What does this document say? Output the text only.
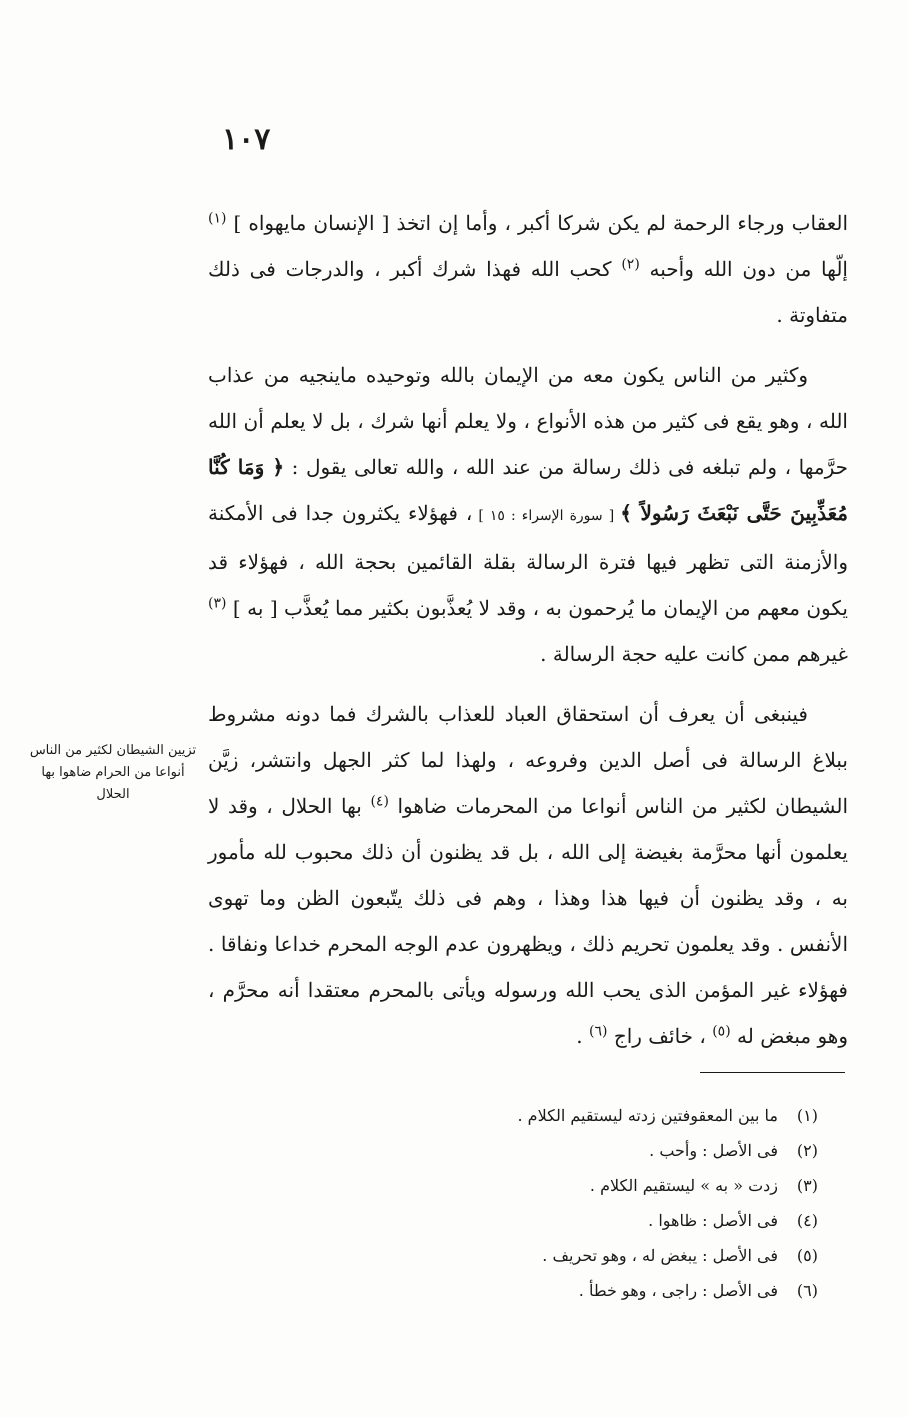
١٠٧

العقاب ورجاء الرحمة لم يكن شركا أكبر ، وأما إن اتخذ [ الإنسان مايهواه ] $^{(١)}$ إلّها من دون الله وأحبه $^{(٢)}$ كحب الله فهذا شرك أكبر ، والدرجات فى ذلك متفاوتة .

وكثير من الناس يكون معه من الإيمان بالله وتوحيده ماينجيه من عذاب الله ، وهو يقع فى كثير من هذه الأنواع ، ولا يعلم أنها شرك ، بل لا يعلم أن الله حرَّمها ، ولم تبلغه فى ذلك رسالة من عند الله ، والله تعالى يقول : ﴿ وَمَا كُنَّا مُعَذِّبِينَ حَتَّى نَبْعَثَ رَسُولاً ﴾ [ سورة الإسراء : ١٥ ] ، فهؤلاء يكثرون جدا فى الأمكنة والأزمنة التى تظهر فيها فترة الرسالة بقلة القائمين بحجة الله ، فهؤلاء قد يكون معهم من الإيمان ما يُرحمون به ، وقد لا يُعذَّبون بكثير مما يُعذَّب [ به ] $^{(٣)}$ غيرهم ممن كانت عليه حجة الرسالة .

فينبغى أن يعرف أن استحقاق العباد للعذاب بالشرك فما دونه مشروط ببلاغ الرسالة فى أصل الدين وفروعه ، ولهذا لما كثر الجهل وانتشر، زيَّن الشيطان لكثير من الناس أنواعا من المحرمات ضاهوا $^{(٤)}$ بها الحلال ، وقد لا يعلمون أنها محرَّمة بغيضة إلى الله ، بل قد يظنون أن ذلك محبوب لله مأمور به ، وقد يظنون أن فيها هذا وهذا ، وهم فى ذلك يتّبعون الظن وما تهوى الأنفس . وقد يعلمون تحريم ذلك ، ويظهرون عدم الوجه المحرم خداعا ونفاقا . فهؤلاء غير المؤمن الذى يحب الله ورسوله ويأتى بالمحرم معتقدا أنه محرَّم ، وهو مبغض له $^{(٥)}$ ، خائف راج $^{(٦)}$ .

تزيين الشيطان لكثير من الناس أنواعا من الحرام ضاهوا بها الحلال
(١)ما بين المعقوفتين زدته ليستقيم الكلام .
(٢)فى الأصل : وأحب .
(٣)زدت « به » ليستقيم الكلام .
(٤)فى الأصل : ظاهوا .
(٥)فى الأصل : يبغض له ، وهو تحريف .
(٦)فى الأصل : راجى ، وهو خطأ .
